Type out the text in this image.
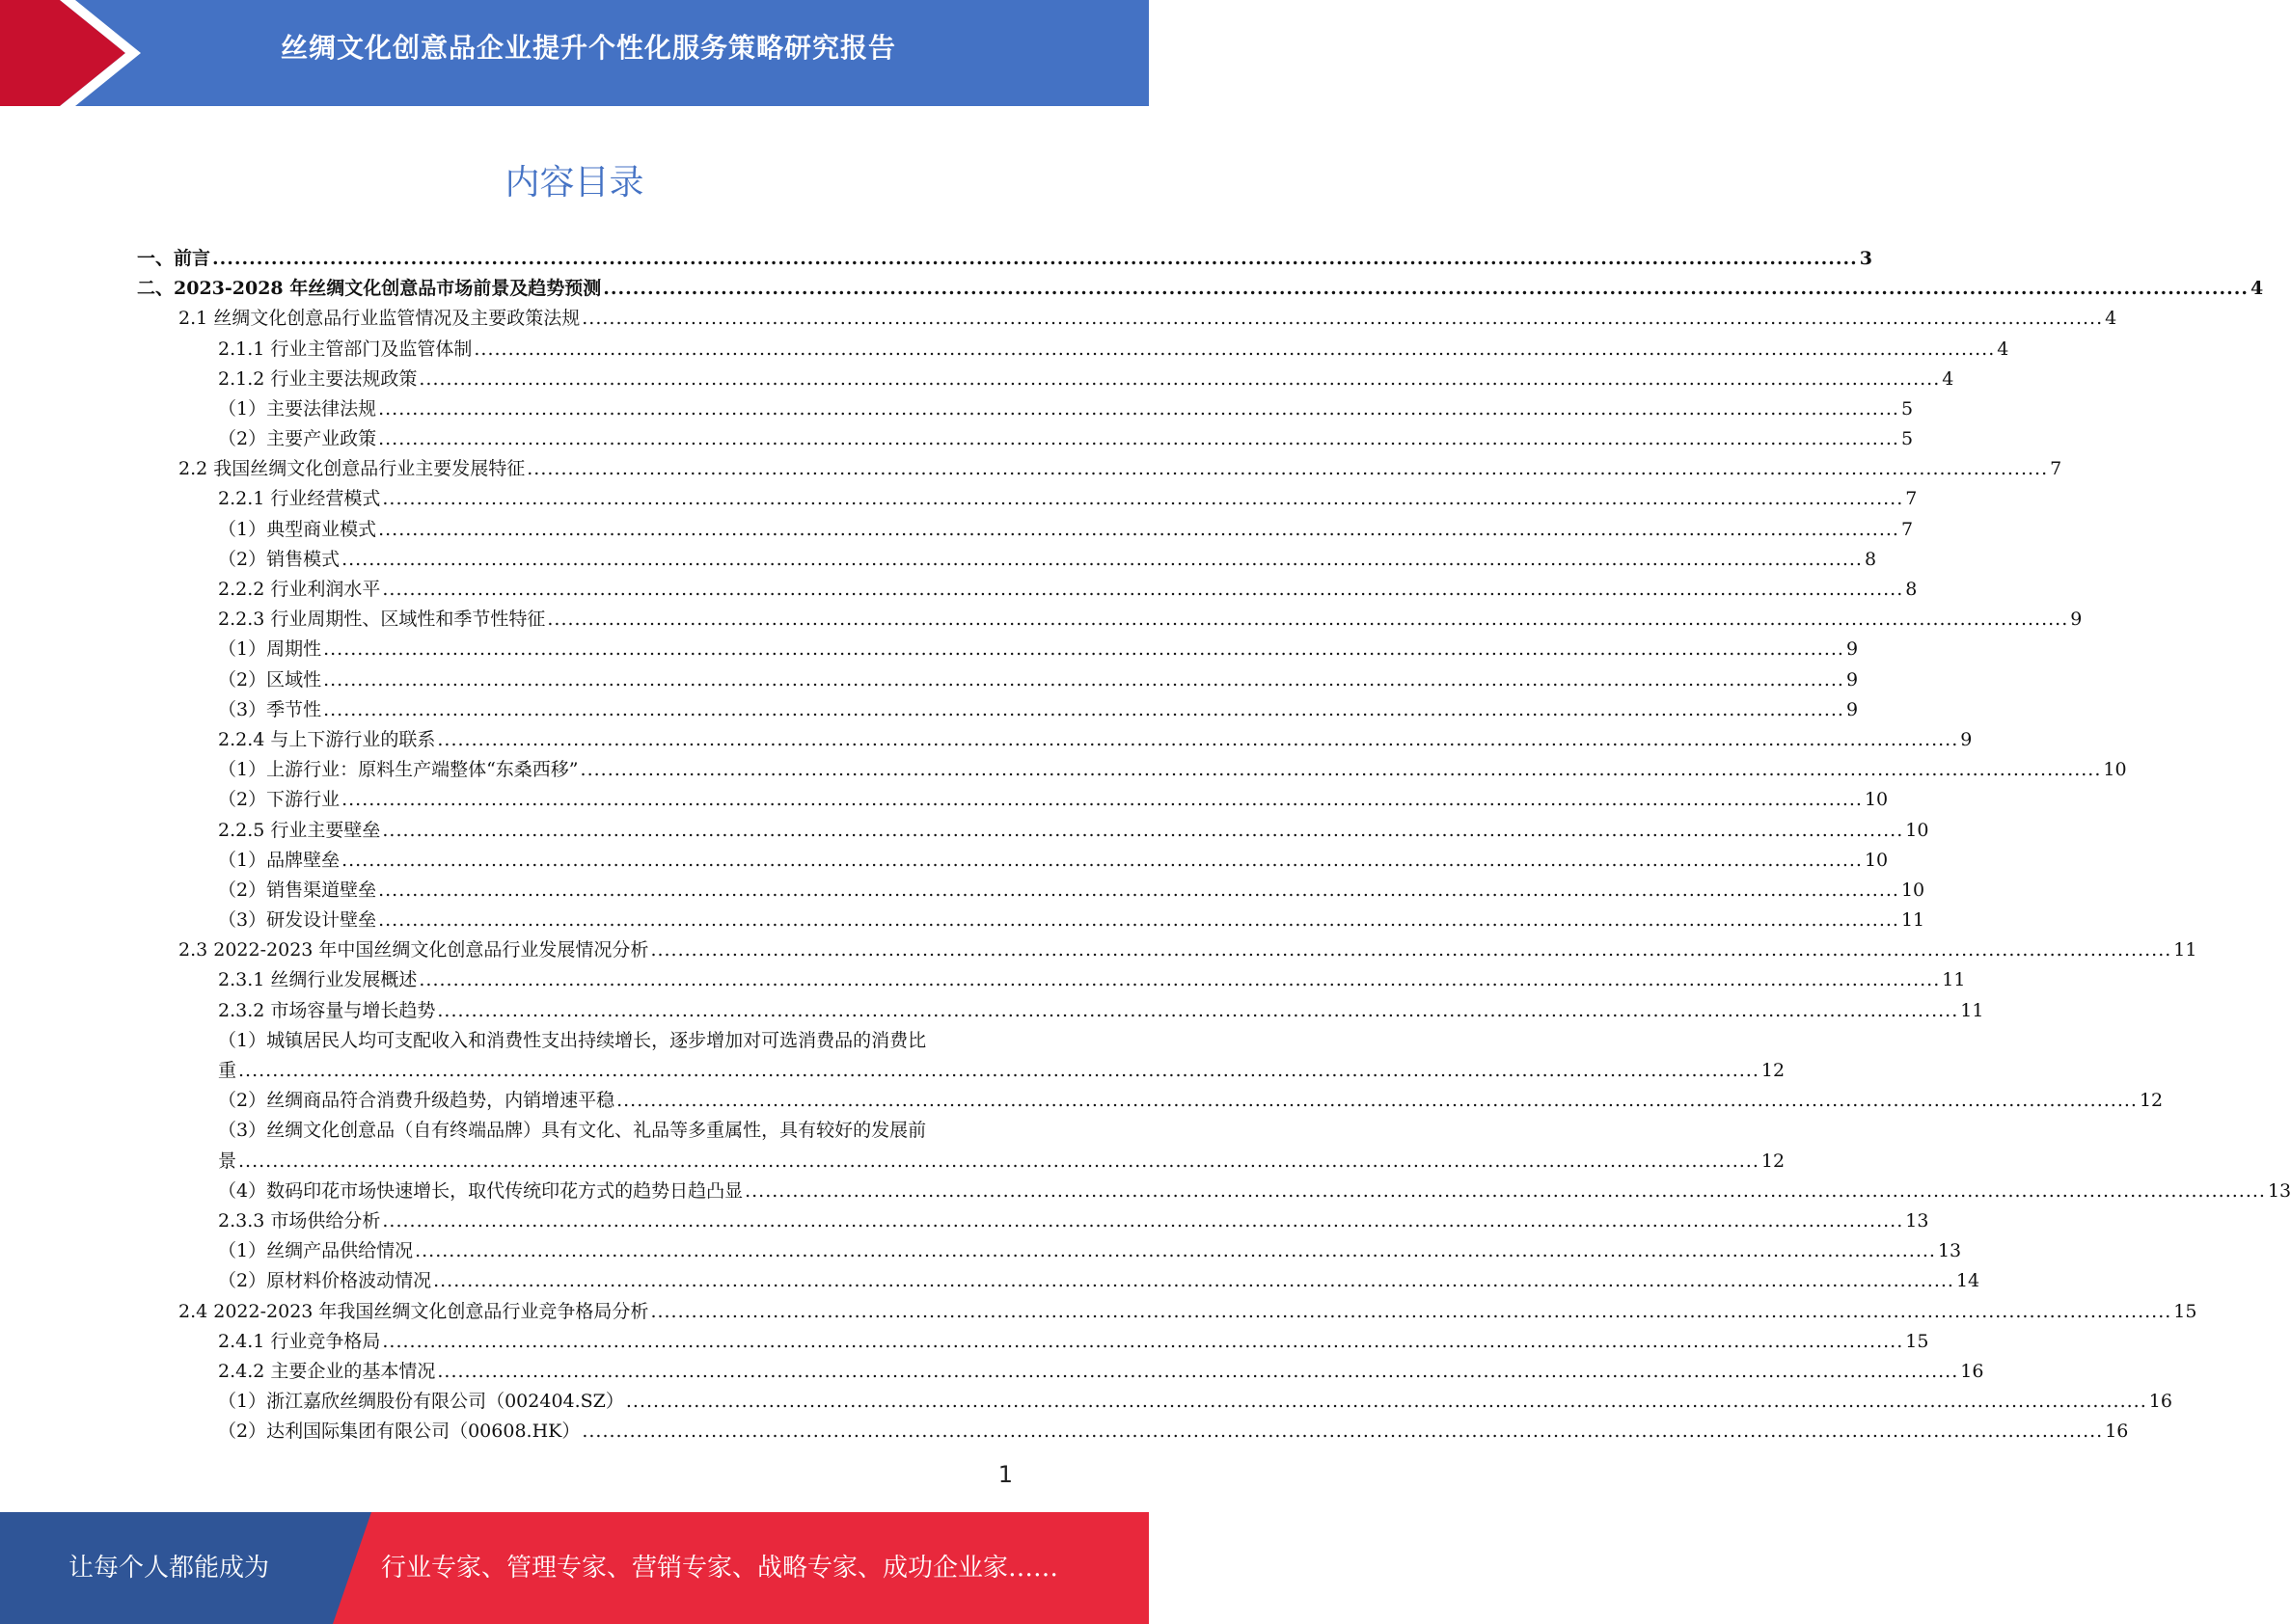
丝绸文化创意品企业提升个性化服务策略研究报告
内容目录
一、前言 ................................................................................................................................................................................................................................ 3
二、2023-2028 年丝绸文化创意品市场前景及趋势预测 ................................................................................................................................................................................................................................ 4
2.1 丝绸文化创意品行业监管情况及主要政策法规 ................................................................................................................................................................................................................................ 4
2.1.1 行业主管部门及监管体制 ................................................................................................................................................................................................................................ 4
2.1.2 行业主要法规政策 ................................................................................................................................................................................................................................ 4
（1）主要法律法规 ................................................................................................................................................................................................................................ 5
（2）主要产业政策 ................................................................................................................................................................................................................................ 5
2.2 我国丝绸文化创意品行业主要发展特征 ................................................................................................................................................................................................................................ 7
2.2.1 行业经营模式 ................................................................................................................................................................................................................................ 7
（1）典型商业模式 ................................................................................................................................................................................................................................ 7
（2）销售模式 ................................................................................................................................................................................................................................ 8
2.2.2 行业利润水平 ................................................................................................................................................................................................................................ 8
2.2.3 行业周期性、区域性和季节性特征 ................................................................................................................................................................................................................................ 9
（1）周期性 ................................................................................................................................................................................................................................ 9
（2）区域性 ................................................................................................................................................................................................................................ 9
（3）季节性 ................................................................................................................................................................................................................................ 9
2.2.4 与上下游行业的联系 ................................................................................................................................................................................................................................ 9
（1）上游行业：原料生产端整体“东桑西移” ................................................................................................................................................................................................................................ 10
（2）下游行业 ................................................................................................................................................................................................................................ 10
2.2.5 行业主要壁垒 ................................................................................................................................................................................................................................ 10
（1）品牌壁垒 ................................................................................................................................................................................................................................ 10
（2）销售渠道壁垒 ................................................................................................................................................................................................................................ 10
（3）研发设计壁垒 ................................................................................................................................................................................................................................ 11
2.3 2022-2023 年中国丝绸文化创意品行业发展情况分析 ................................................................................................................................................................................................................................ 11
2.3.1 丝绸行业发展概述 ................................................................................................................................................................................................................................ 11
2.3.2 市场容量与增长趋势 ................................................................................................................................................................................................................................ 11
（1）城镇居民人均可支配收入和消费性支出持续增长，逐步增加对可选消费品的消费比
重 ................................................................................................................................................................................................................................ 12
（2）丝绸商品符合消费升级趋势，内销增速平稳 ................................................................................................................................................................................................................................ 12
（3）丝绸文化创意品（自有终端品牌）具有文化、礼品等多重属性，具有较好的发展前
景 ................................................................................................................................................................................................................................ 12
（4）数码印花市场快速增长，取代传统印花方式的趋势日趋凸显 ................................................................................................................................................................................................................................ 13
2.3.3 市场供给分析 ................................................................................................................................................................................................................................ 13
（1）丝绸产品供给情况 ................................................................................................................................................................................................................................ 13
（2）原材料价格波动情况 ................................................................................................................................................................................................................................ 14
2.4 2022-2023 年我国丝绸文化创意品行业竞争格局分析 ................................................................................................................................................................................................................................ 15
2.4.1 行业竞争格局 ................................................................................................................................................................................................................................ 15
2.4.2 主要企业的基本情况 ................................................................................................................................................................................................................................ 16
（1）浙江嘉欣丝绸股份有限公司（002404.SZ） ................................................................................................................................................................................................................................ 16
（2）达利国际集团有限公司（00608.HK） ................................................................................................................................................................................................................................ 16
1
让每个人都能成为	行业专家、管理专家、营销专家、战略专家、成功企业家……
